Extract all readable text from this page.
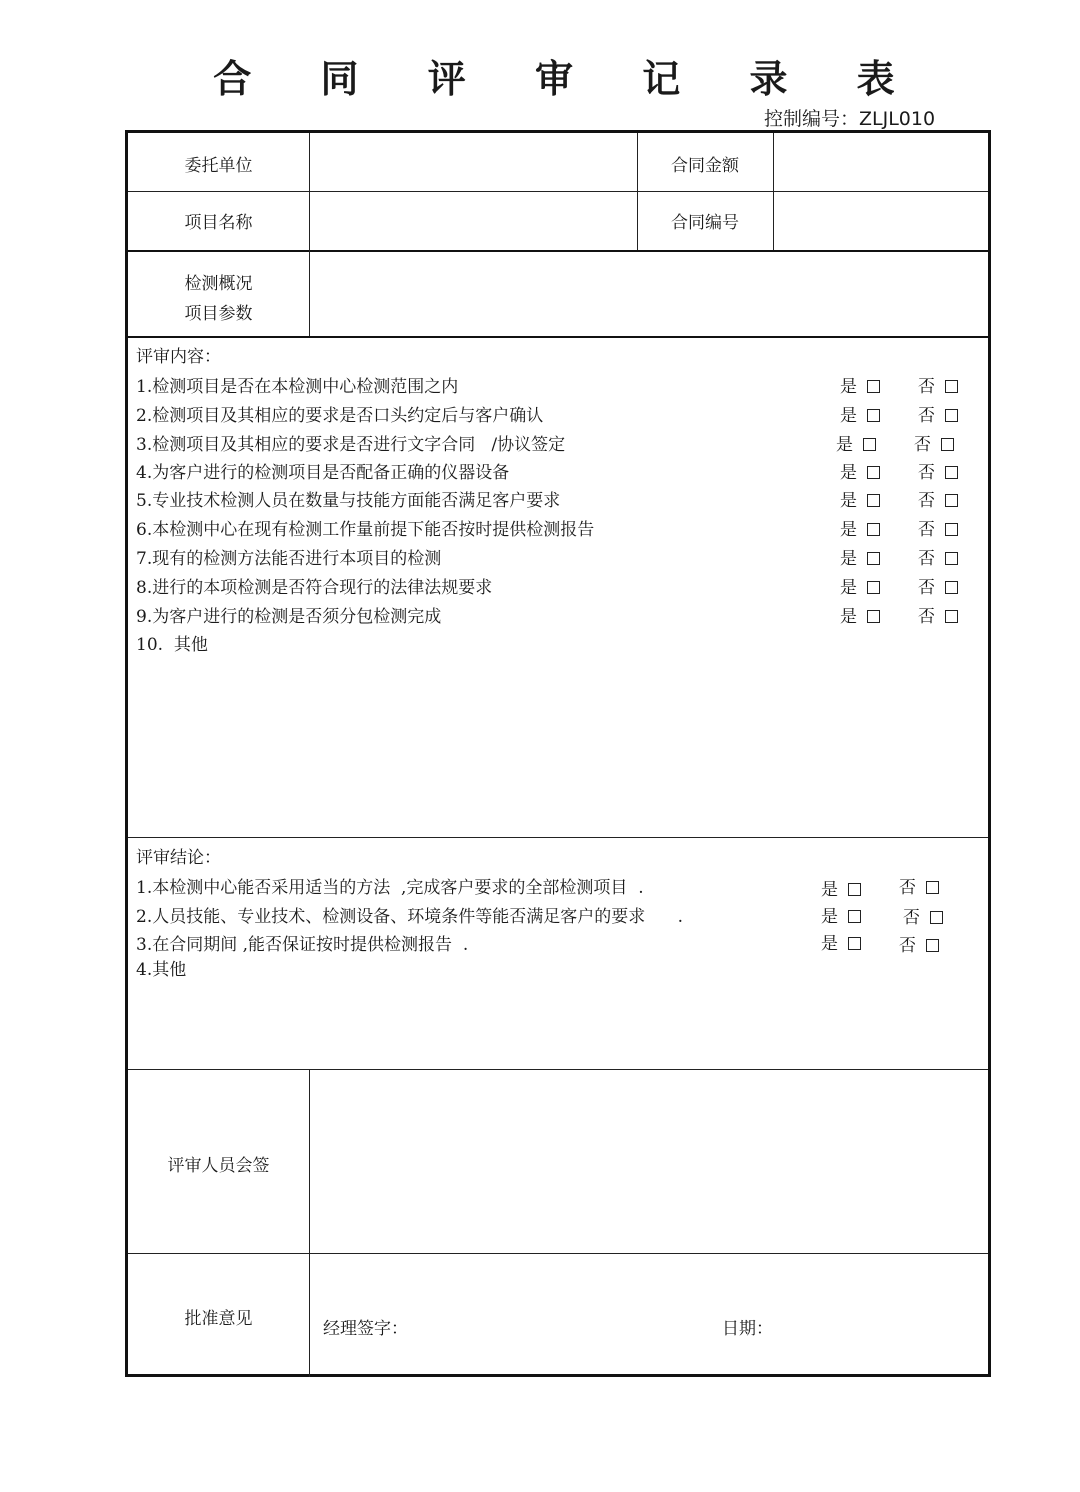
合 同 评 审 记 录 表
控制编号：ZLJL010
委托单位	合同金额
项目名称	合同编号
检测概况
项目参数
评审内容：
1.检测项目是否在本检测中心检测范围之内	是	否
2.检测项目及其相应的要求是否口头约定后与客户确认	是	否
3.检测项目及其相应的要求是否进行文字合同   /协议签定	是	否
4.为客户进行的检测项目是否配备正确的仪器设备	是	否
5.专业技术检测人员在数量与技能方面能否满足客户要求	是	否
6.本检测中心在现有检测工作量前提下能否按时提供检测报告	是	否
7.现有的检测方法能否进行本项目的检测	是	否
8.进行的本项检测是否符合现行的法律法规要求	是	否
9.为客户进行的检测是否须分包检测完成	是	否
10.  其他
评审结论：
1.本检测中心能否采用适当的方法  ,完成客户要求的全部检测项目  .	是	否
2.人员技能、专业技术、检测设备、环境条件等能否满足客户的要求      .	是	否
3.在合同期间 ,能否保证按时提供检测报告  .	是	否
4.其他
评审人员会签
批准意见	经理签字：	日期：
